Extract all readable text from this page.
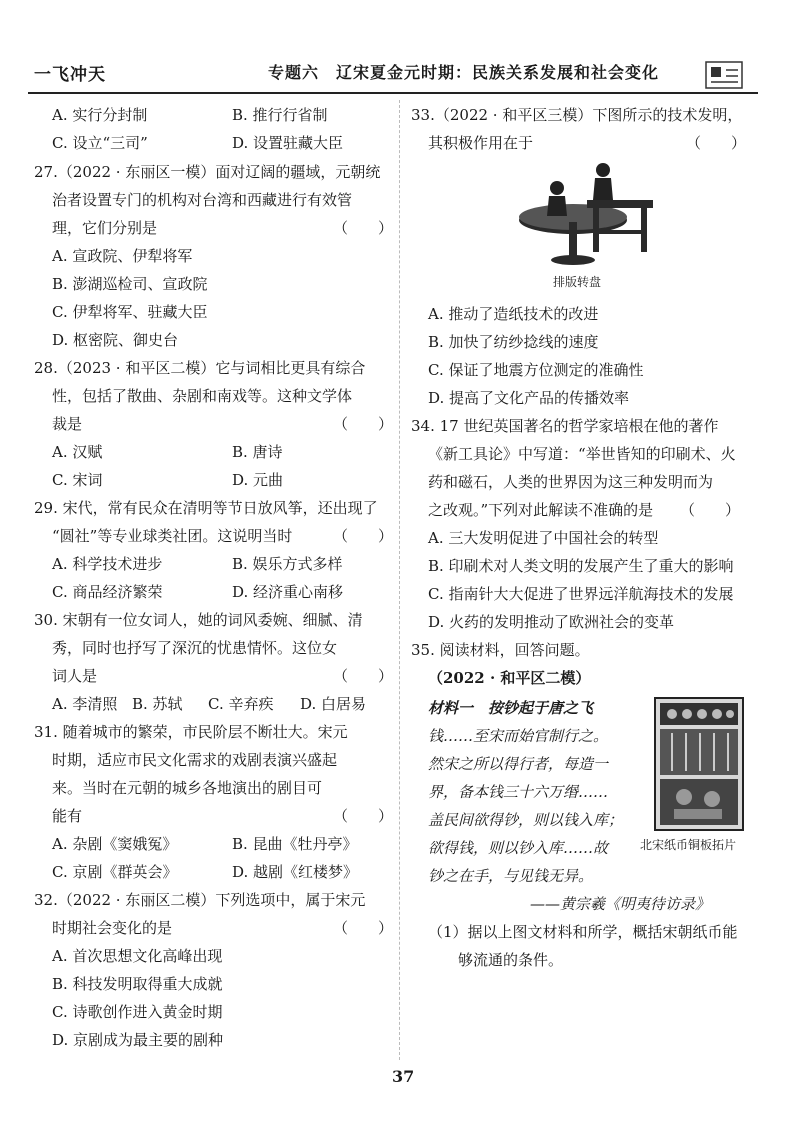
一飞冲天	专题六　辽宋夏金元时期：民族关系发展和社会变化
A. 实行分封制	B. 推行行省制
C. 设立“三司”	D. 设置驻藏大臣
27.（2022 · 东丽区一模）面对辽阔的疆域，元朝统
治者设置专门的机构对台湾和西藏进行有效管
理，它们分别是	（　　）
A. 宣政院、伊犁将军
B. 澎湖巡检司、宣政院
C. 伊犁将军、驻藏大臣
D. 枢密院、御史台
28.（2023 · 和平区二模）它与词相比更具有综合
性，包括了散曲、杂剧和南戏等。这种文学体
裁是	（　　）
A. 汉赋	B. 唐诗
C. 宋词	D. 元曲
29. 宋代，常有民众在清明等节日放风筝，还出现了
“圆社”等专业球类社团。这说明当时	（　　）
A. 科学技术进步	B. 娱乐方式多样
C. 商品经济繁荣	D. 经济重心南移
30. 宋朝有一位女词人，她的词风委婉、细腻、清
秀，同时也抒写了深沉的忧患情怀。这位女
词人是	（　　）
A. 李清照 B. 苏轼 C. 辛弃疾 D. 白居易
31. 随着城市的繁荣，市民阶层不断壮大。宋元
时期，适应市民文化需求的戏剧表演兴盛起
来。当时在元朝的城乡各地演出的剧目可
能有	（　　）
A. 杂剧《窦娥冤》	B. 昆曲《牡丹亭》
C. 京剧《群英会》	D. 越剧《红楼梦》
32.（2022 · 东丽区二模）下列选项中，属于宋元
时期社会变化的是	（　　）
A. 首次思想文化高峰出现
B. 科技发明取得重大成就
C. 诗歌创作进入黄金时期
D. 京剧成为最主要的剧种
33.（2022 · 和平区三模）下图所示的技术发明，
其积极作用在于	（　　）
排版转盘
A. 推动了造纸技术的改进
B. 加快了纺纱捻线的速度
C. 保证了地震方位测定的准确性
D. 提高了文化产品的传播效率
34. 17 世纪英国著名的哲学家培根在他的著作
《新工具论》中写道：“举世皆知的印刷术、火
药和磁石，人类的世界因为这三种发明而为
之改观。”下列对此解读不准确的是 （　　）
A. 三大发明促进了中国社会的转型
B. 印刷术对人类文明的发展产生了重大的影响
C. 指南针大大促进了世界远洋航海技术的发展
D. 火药的发明推动了欧洲社会的变革
35. 阅读材料，回答问题。
（2022 · 和平区二模）
材料一　按钞起于唐之飞
钱……至宋而始官制行之。
然宋之所以得行者，每造一
界，备本钱三十六万缗……
盖民间欲得钞，则以钱入库；
欲得钱，则以钞入库……故
钞之在手，与见钱无异。
北宋纸币铜板拓片
——黄宗羲《明夷待访录》
（1）据以上图文材料和所学，概括宋朝纸币能
够流通的条件。
37
